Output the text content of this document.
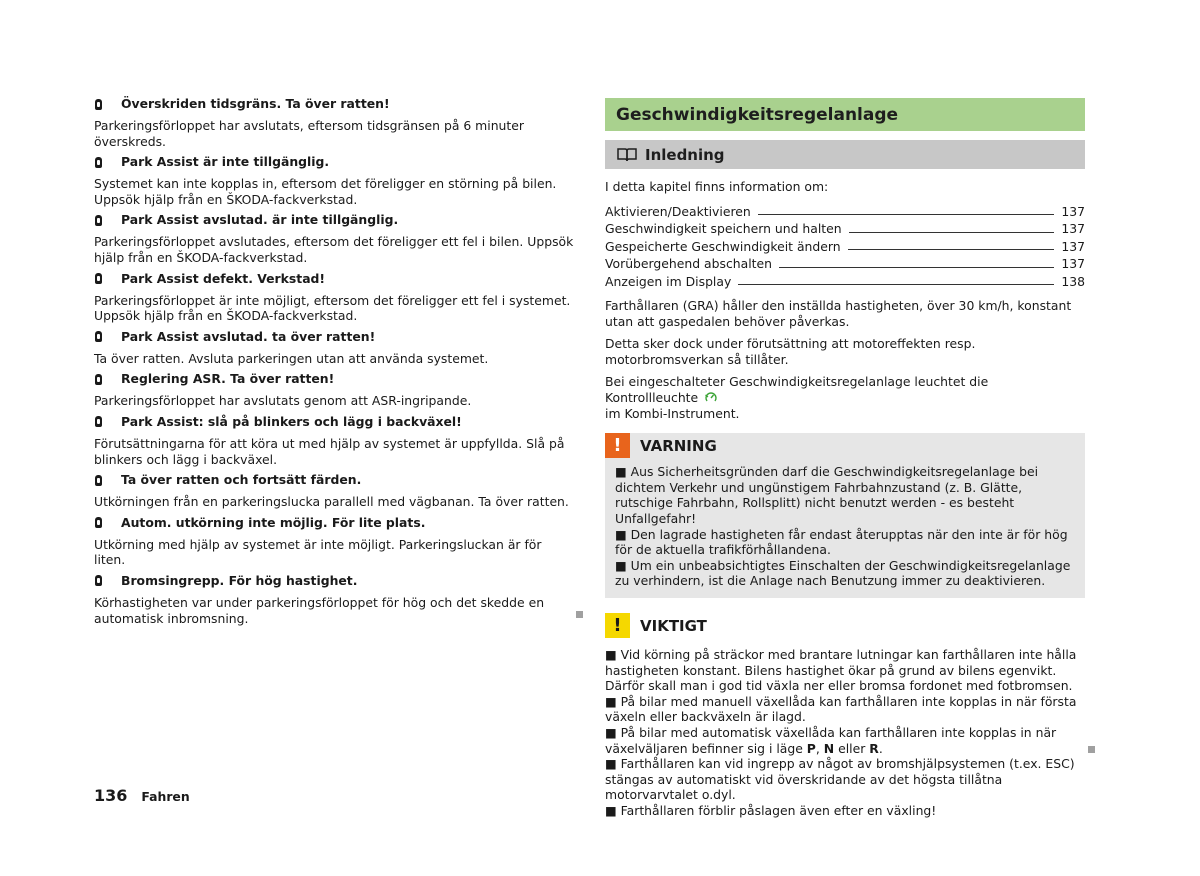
Överskriden tidsgräns. Ta över ratten!
Parkeringsförloppet har avslutats, eftersom tidsgränsen på 6 minuter överskreds.
Park Assist är inte tillgänglig.
Systemet kan inte kopplas in, eftersom det föreligger en störning på bilen. Uppsök hjälp från en ŠKODA-fackverkstad.
Park Assist avslutad. är inte tillgänglig.
Parkeringsförloppet avslutades, eftersom det föreligger ett fel i bilen. Uppsök hjälp från en ŠKODA-fackverkstad.
Park Assist defekt. Verkstad!
Parkeringsförloppet är inte möjligt, eftersom det föreligger ett fel i systemet. Uppsök hjälp från en ŠKODA-fackverkstad.
Park Assist avslutad. ta över ratten!
Ta över ratten. Avsluta parkeringen utan att använda systemet.
Reglering ASR. Ta över ratten!
Parkeringsförloppet har avslutats genom att ASR-ingripande.
Park Assist: slå på blinkers och lägg i backväxel!
Förutsättningarna för att köra ut med hjälp av systemet är uppfyllda. Slå på blinkers och lägg i backväxel.
Ta över ratten och fortsätt färden.
Utkörningen från en parkeringslucka parallell med vägbanan. Ta över ratten.
Autom. utkörning inte möjlig. För lite plats.
Utkörning med hjälp av systemet är inte möjligt. Parkeringsluckan är för liten.
Bromsingrepp. För hög hastighet.
Körhastigheten var under parkeringsförloppet för hög och det skedde en automatisk inbromsning.
Geschwindigkeitsregelanlage
Inledning
I detta kapitel finns information om:
Aktivieren/Deaktivieren	137
Geschwindigkeit speichern und halten	137
Gespeicherte Geschwindigkeit ändern	137
Vorübergehend abschalten	137
Anzeigen im Display	138
Farthållaren (GRA) håller den inställda hastigheten, över 30 km/h, konstant utan att gaspedalen behöver påverkas.
Detta sker dock under förutsättning att motoreffekten resp. motorbromsverkan så tillåter.
Bei eingeschalteter Geschwindigkeitsregelanlage leuchtet die Kontrollleuchte
im Kombi-Instrument.
!	VARNING
■ Aus Sicherheitsgründen darf die Geschwindigkeitsregelanlage bei dichtem Verkehr und ungünstigem Fahrbahnzustand (z. B. Glätte, rutschige Fahrbahn, Rollsplitt) nicht benutzt werden - es besteht Unfallgefahr!
■ Den lagrade hastigheten får endast återupptas när den inte är för hög för de aktuella trafikförhållandena.
■ Um ein unbeabsichtigtes Einschalten der Geschwindigkeitsregelanlage zu verhindern, ist die Anlage nach Benutzung immer zu deaktivieren.
!	VIKTIGT
■ Vid körning på sträckor med brantare lutningar kan farthållaren inte hålla hastigheten konstant. Bilens hastighet ökar på grund av bilens egenvikt. Därför skall man i god tid växla ner eller bromsa fordonet med fotbromsen.
■ På bilar med manuell växellåda kan farthållaren inte kopplas in när första växeln eller backväxeln är ilagd.
■ På bilar med automatisk växellåda kan farthållaren inte kopplas in när växelväljaren befinner sig i läge P, N eller R.
■ Farthållaren kan vid ingrepp av något av bromshjälpsystemen (t.ex. ESC) stängas av automatiskt vid överskridande av det högsta tillåtna motorvarvtalet o.dyl.
■ Farthållaren förblir påslagen även efter en växling!
136 Fahren
